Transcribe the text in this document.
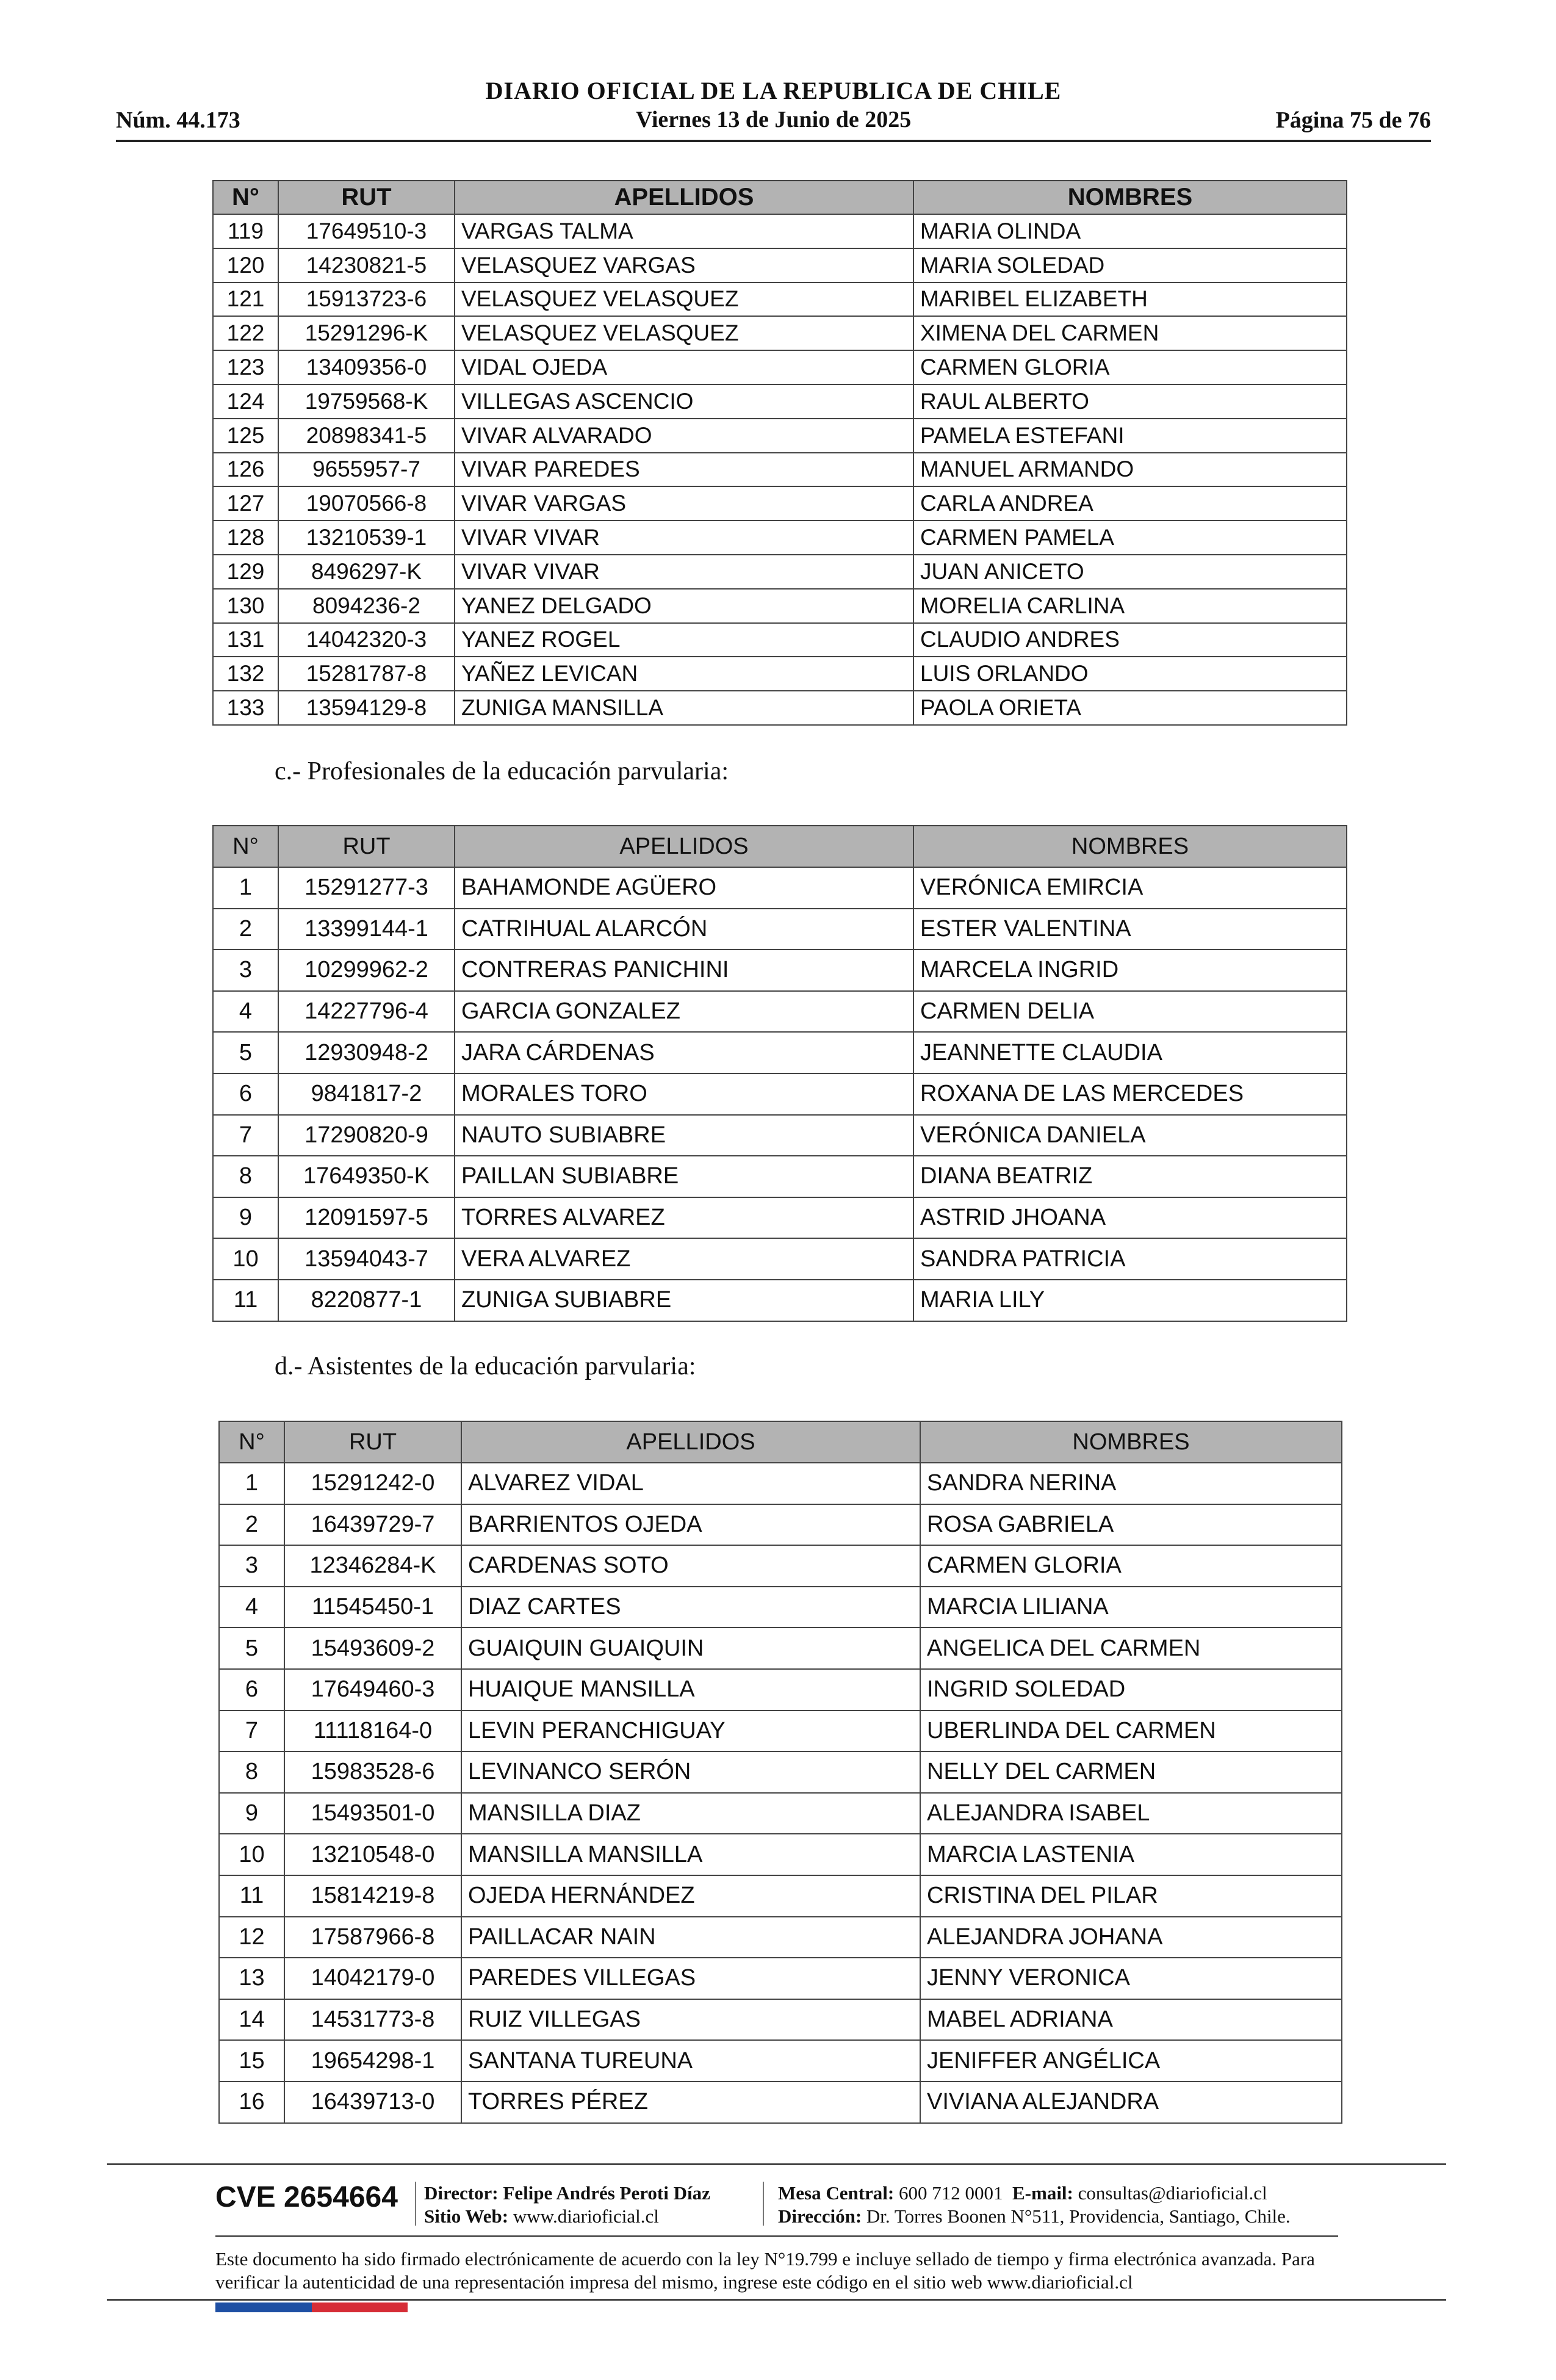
Núm. 44.173
DIARIO OFICIAL DE LA REPUBLICA DE CHILE
Viernes 13 de Junio de 2025	Página 75 de 76
N°	RUT	APELLIDOS	NOMBRES
119	17649510-3	VARGAS TALMA	MARIA OLINDA
120	14230821-5	VELASQUEZ VARGAS	MARIA SOLEDAD
121	15913723-6	VELASQUEZ VELASQUEZ	MARIBEL ELIZABETH
122	15291296-K	VELASQUEZ VELASQUEZ	XIMENA DEL CARMEN
123	13409356-0	VIDAL OJEDA	CARMEN GLORIA
124	19759568-K	VILLEGAS ASCENCIO	RAUL ALBERTO
125	20898341-5	VIVAR ALVARADO	PAMELA ESTEFANI
126	9655957-7	VIVAR PAREDES	MANUEL ARMANDO
127	19070566-8	VIVAR VARGAS	CARLA ANDREA
128	13210539-1	VIVAR VIVAR	CARMEN PAMELA
129	8496297-K	VIVAR VIVAR	JUAN ANICETO
130	8094236-2	YANEZ DELGADO	MORELIA CARLINA
131	14042320-3	YANEZ ROGEL	CLAUDIO ANDRES
132	15281787-8	YAÑEZ LEVICAN	LUIS ORLANDO
133	13594129-8	ZUNIGA MANSILLA	PAOLA ORIETA
c.- Profesionales de la educación parvularia:
N°	RUT	APELLIDOS	NOMBRES
1	15291277-3	BAHAMONDE AGÜERO	VERÓNICA EMIRCIA
2	13399144-1	CATRIHUAL ALARCÓN	ESTER VALENTINA
3	10299962-2	CONTRERAS PANICHINI	MARCELA INGRID
4	14227796-4	GARCIA GONZALEZ	CARMEN DELIA
5	12930948-2	JARA CÁRDENAS	JEANNETTE CLAUDIA
6	9841817-2	MORALES TORO	ROXANA DE LAS MERCEDES
7	17290820-9	NAUTO SUBIABRE	VERÓNICA DANIELA
8	17649350-K	PAILLAN SUBIABRE	DIANA BEATRIZ
9	12091597-5	TORRES ALVAREZ	ASTRID JHOANA
10	13594043-7	VERA ALVAREZ	SANDRA PATRICIA
11	8220877-1	ZUNIGA SUBIABRE	MARIA LILY
d.- Asistentes de la educación parvularia:
N°	RUT	APELLIDOS	NOMBRES
1	15291242-0	ALVAREZ VIDAL	SANDRA NERINA
2	16439729-7	BARRIENTOS OJEDA	ROSA GABRIELA
3	12346284-K	CARDENAS SOTO	CARMEN GLORIA
4	11545450-1	DIAZ CARTES	MARCIA LILIANA
5	15493609-2	GUAIQUIN GUAIQUIN	ANGELICA DEL CARMEN
6	17649460-3	HUAIQUE MANSILLA	INGRID SOLEDAD
7	11118164-0	LEVIN PERANCHIGUAY	UBERLINDA DEL CARMEN
8	15983528-6	LEVINANCO SERÓN	NELLY DEL CARMEN
9	15493501-0	MANSILLA DIAZ	ALEJANDRA ISABEL
10	13210548-0	MANSILLA MANSILLA	MARCIA LASTENIA
11	15814219-8	OJEDA HERNÁNDEZ	CRISTINA DEL PILAR
12	17587966-8	PAILLACAR NAIN	ALEJANDRA JOHANA
13	14042179-0	PAREDES VILLEGAS	JENNY VERONICA
14	14531773-8	RUIZ VILLEGAS	MABEL ADRIANA
15	19654298-1	SANTANA TUREUNA	JENIFFER ANGÉLICA
16	16439713-0	TORRES PÉREZ	VIVIANA ALEJANDRA
CVE 2654664 Director: Felipe Andrés Peroti Díaz
Sitio Web: www.diarioficial.cl
Mesa Central: 600 712 0001 E-mail: consultas@diarioficial.cl
Dirección: Dr. Torres Boonen N°511, Providencia, Santiago, Chile.
Este documento ha sido firmado electrónicamente de acuerdo con la ley N°19.799 e incluye sellado de tiempo y firma electrónica avanzada. Para verificar la autenticidad de una representación impresa del mismo, ingrese este código en el sitio web www.diarioficial.cl
